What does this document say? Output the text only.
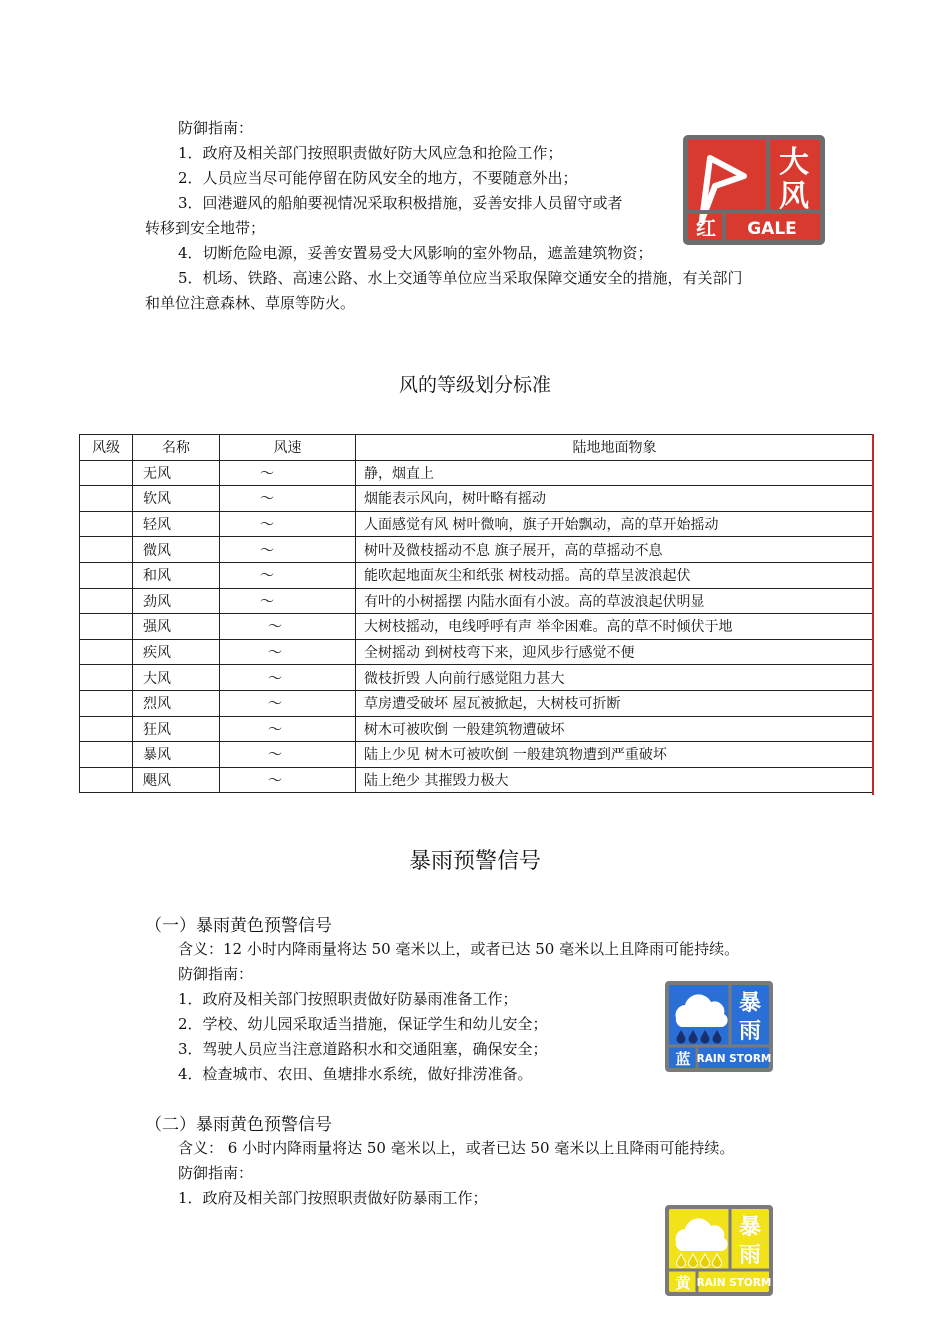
防御指南：
1．政府及相关部门按照职责做好防大风应急和抢险工作；
2．人员应当尽可能停留在防风安全的地方，不要随意外出；
3．回港避风的船舶要视情况采取积极措施，妥善安排人员留守或者
转移到安全地带；
4．切断危险电源，妥善安置易受大风影响的室外物品，遮盖建筑物资；
5．机场、铁路、高速公路、水上交通等单位应当采取保障交通安全的措施，有关部门
和单位注意森林、草原等防火。
大
风
红 GALE
风的等级划分标准
风级	名称	风速	陆地地面物象
	无风	～	静，烟直上
	软风	～	烟能表示风向，树叶略有摇动
	轻风	～	人面感觉有风 树叶微响，旗子开始飘动，高的草开始摇动
	微风	～	树叶及微枝摇动不息 旗子展开，高的草摇动不息
	和风	～	能吹起地面灰尘和纸张 树枝动摇。高的草呈波浪起伏
	劲风	～	有叶的小树摇摆 内陆水面有小波。高的草波浪起伏明显
	强风	～	大树枝摇动，电线呼呼有声 举伞困难。高的草不时倾伏于地
	疾风	～	全树摇动 到树枝弯下来，迎风步行感觉不便
	大风	～	微枝折毁 人向前行感觉阻力甚大
	烈风	～	草房遭受破坏 屋瓦被掀起，大树枝可折断
	狂风	～	树木可被吹倒 一般建筑物遭破坏
	暴风	～	陆上少见 树木可被吹倒 一般建筑物遭到严重破坏
	飓风	～	陆上绝少 其摧毁力极大
暴雨预警信号
（一）暴雨黄色预警信号
含义：12 小时内降雨量将达 50 毫米以上，或者已达 50 毫米以上且降雨可能持续。
防御指南：
1．政府及相关部门按照职责做好防暴雨准备工作；
2．学校、幼儿园采取适当措施，保证学生和幼儿安全；
3．驾驶人员应当注意道路积水和交通阻塞，确保安全；
4．检查城市、农田、鱼塘排水系统，做好排涝准备。
暴
雨
蓝 RAIN STORM
（二）暴雨黄色预警信号
含义： 6 小时内降雨量将达 50 毫米以上，或者已达 50 毫米以上且降雨可能持续。
防御指南：
1．政府及相关部门按照职责做好防暴雨工作；
暴
雨
黄 RAIN STORM
